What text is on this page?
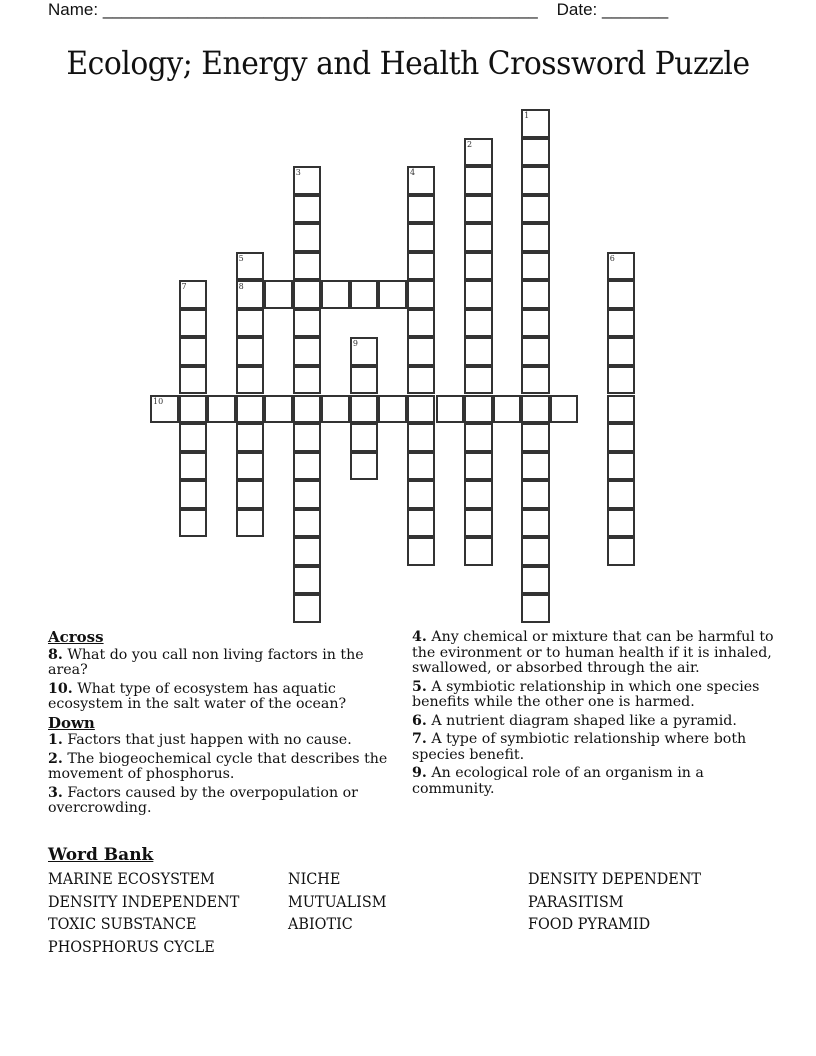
Name: ______________________________________________ Date: _______
Ecology; Energy and Health Crossword Puzzle
1
2
3	4
5
8
6
7
9
10
Across
8. What do you call non living factors in the area?
10. What type of ecosystem has aquatic ecosystem in the salt water of the ocean?
Down
1. Factors that just happen with no cause.
2. The biogeochemical cycle that describes the movement of phosphorus.
3. Factors caused by the overpopulation or overcrowding.
4. Any chemical or mixture that can be harmful to the evironment or to human health if it is inhaled, swallowed, or absorbed through the air.
5. A symbiotic relationship in which one species benefits while the other one is harmed.
6. A nutrient diagram shaped like a pyramid.
7. A type of symbiotic relationship where both species benefit.
9. An ecological role of an organism in a community.
Word Bank
MARINE ECOSYSTEM	NICHE	DENSITY DEPENDENT
DENSITY INDEPENDENT	MUTUALISM	PARASITISM
TOXIC SUBSTANCE	ABIOTIC	FOOD PYRAMID
PHOSPHORUS CYCLE
